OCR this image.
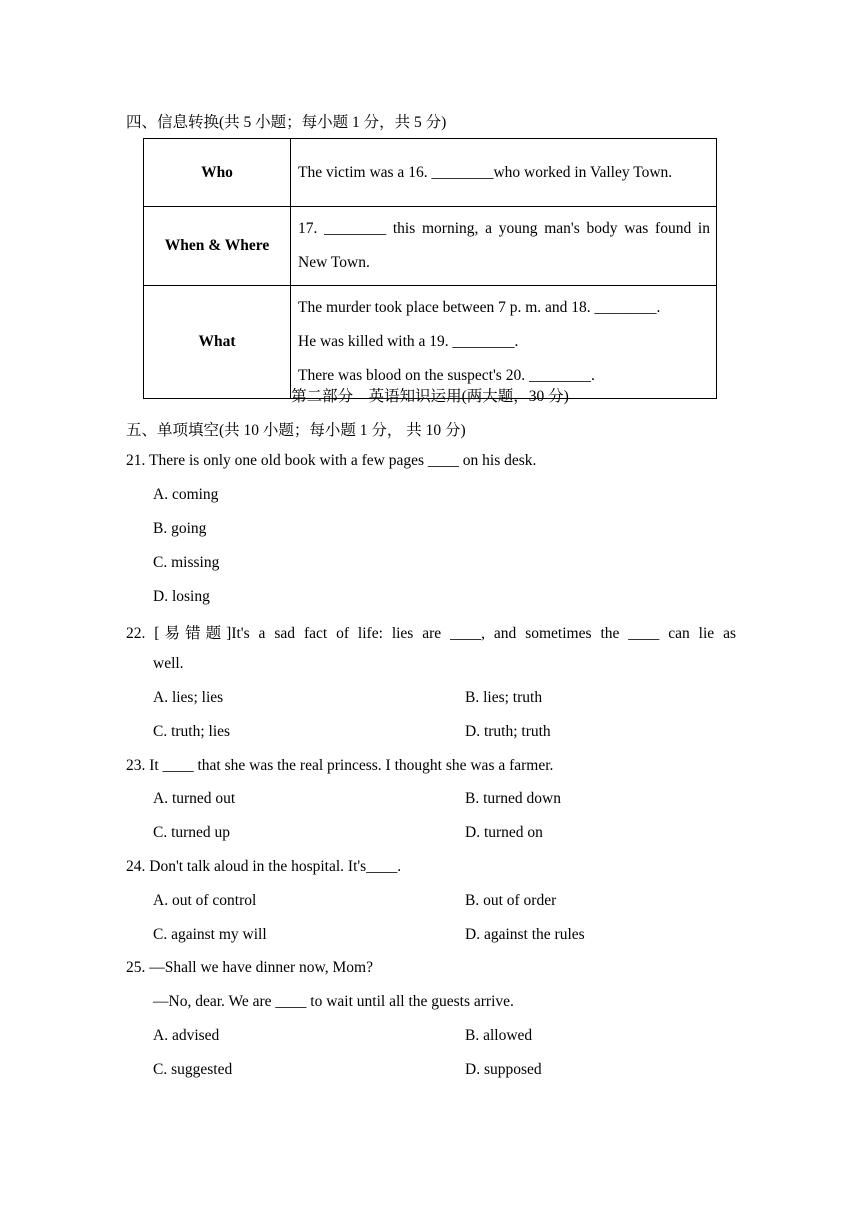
四、信息转换(共 5 小题；每小题 1 分，共 5 分)
Who	The victim was a 16. ________who worked in Valley Town.
When & Where	17. ________ this morning, a young man's body was found in New Town.
What	The murder took place between 7 p. m. and 18. ________.
He was killed with a 19. ________.
There was blood on the suspect's 20. ________.
第二部分　英语知识运用(两大题，30 分)
五、单项填空(共 10 小题；每小题 1 分， 共 10 分)
21. There is only one old book with a few pages ____ on his desk.
A. coming
B. going
C. missing
D. losing
22. [易错题]It's a sad fact of life: lies are ____, and sometimes the ____ can lie as
well.
A. lies; lies	B. lies; truth
C. truth; lies	D. truth; truth
23. It ____ that she was the real princess. I thought she was a farmer.
A. turned out	B. turned down
C. turned up	D. turned on
24. Don't talk aloud in the hospital. It's____.
A. out of control	B. out of order
C. against my will	D. against the rules
25. —Shall we have dinner now, Mom?
—No, dear. We are ____ to wait until all the guests arrive.
A. advised	B. allowed
C. suggested	D. supposed
